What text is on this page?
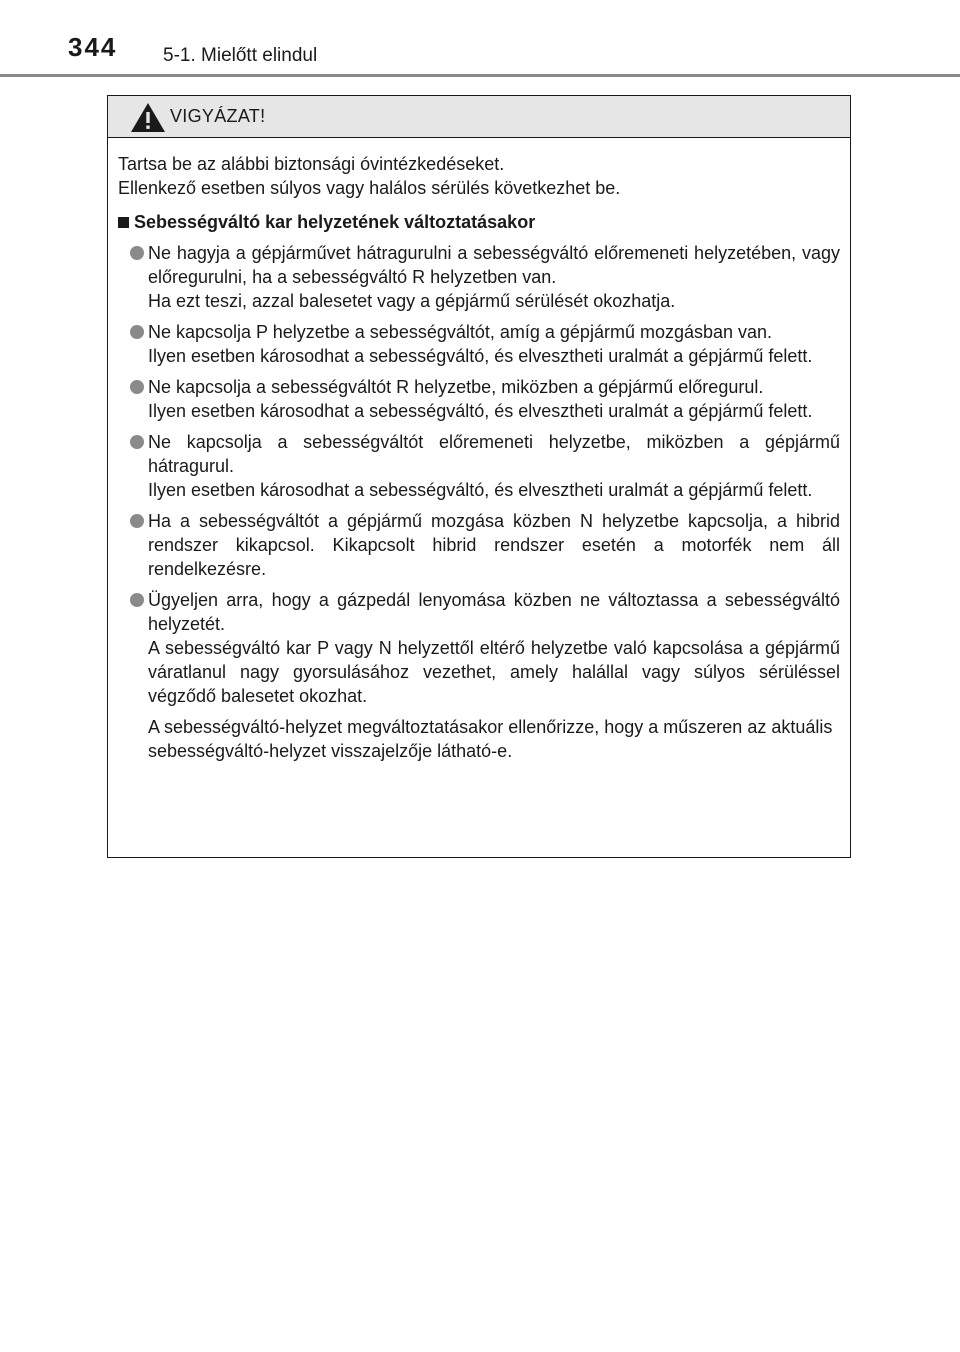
344 5-1. Mielőtt elindul
VIGYÁZAT!

Tartsa be az alábbi biztonsági óvintézkedéseket.

Ellenkező esetben súlyos vagy halálos sérülés következhet be.

Sebességváltó kar helyzetének változtatásakor

Ne hagyja a gépjárművet hátragurulni a sebességváltó előremeneti helyzetében, vagy előregurulni, ha a sebességváltó R helyzetben van.

Ha ezt teszi, azzal balesetet vagy a gépjármű sérülését okozhatja.

Ne kapcsolja P helyzetbe a sebességváltót, amíg a gépjármű mozgásban van.

Ilyen esetben károsodhat a sebességváltó, és elvesztheti uralmát a gépjármű felett.

Ne kapcsolja a sebességváltót R helyzetbe, miközben a gépjármű előregurul.

Ilyen esetben károsodhat a sebességváltó, és elvesztheti uralmát a gépjármű felett.

Ne kapcsolja a sebességváltót előremeneti helyzetbe, miközben a gépjármű hátragurul.

Ilyen esetben károsodhat a sebességváltó, és elvesztheti uralmát a gépjármű felett.

Ha a sebességváltót a gépjármű mozgása közben N helyzetbe kapcsolja, a hibrid rendszer kikapcsol. Kikapcsolt hibrid rendszer esetén a motorfék nem áll rendelkezésre.

Ügyeljen arra, hogy a gázpedál lenyomása közben ne változtassa a sebességváltó helyzetét.

A sebességváltó kar P vagy N helyzettől eltérő helyzetbe való kapcsolása a gépjármű váratlanul nagy gyorsulásához vezethet, amely halállal vagy súlyos sérüléssel végződő balesetet okozhat.

A sebességváltó-helyzet megváltoztatásakor ellenőrizze, hogy a műszeren az aktuális sebességváltó-helyzet visszajelzője látható-e.
